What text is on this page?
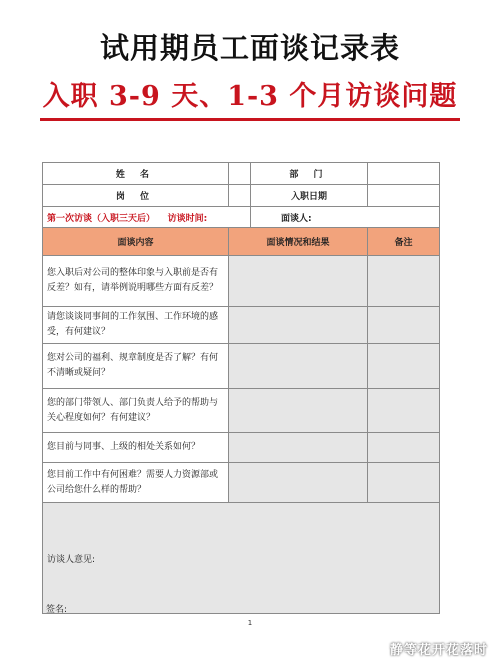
试用期员工面谈记录表
入职 3-9 天、1-3 个月访谈问题
姓 名		部 门	
岗 位		入职日期	
第一次访谈（入职三天后） 访谈时间:		面谈人:	
面谈内容	面谈情况和结果		备注
您入职后对公司的整体印象与入职前是否有反差？如有，请举例说明哪些方面有反差？			
请您谈谈同事间的工作氛围、工作环境的感受，有何建议？			
您对公司的福利、规章制度是否了解？有何不清晰或疑问？			
您的部门带领人、部门负责人给予的帮助与关心程度如何？有何建议？			
您目前与同事、上级的相处关系如何？			
您目前工作中有何困难？需要人力资源部或公司给您什么样的帮助？			
访谈人意见:			
签名:
1
静等花开花落时
